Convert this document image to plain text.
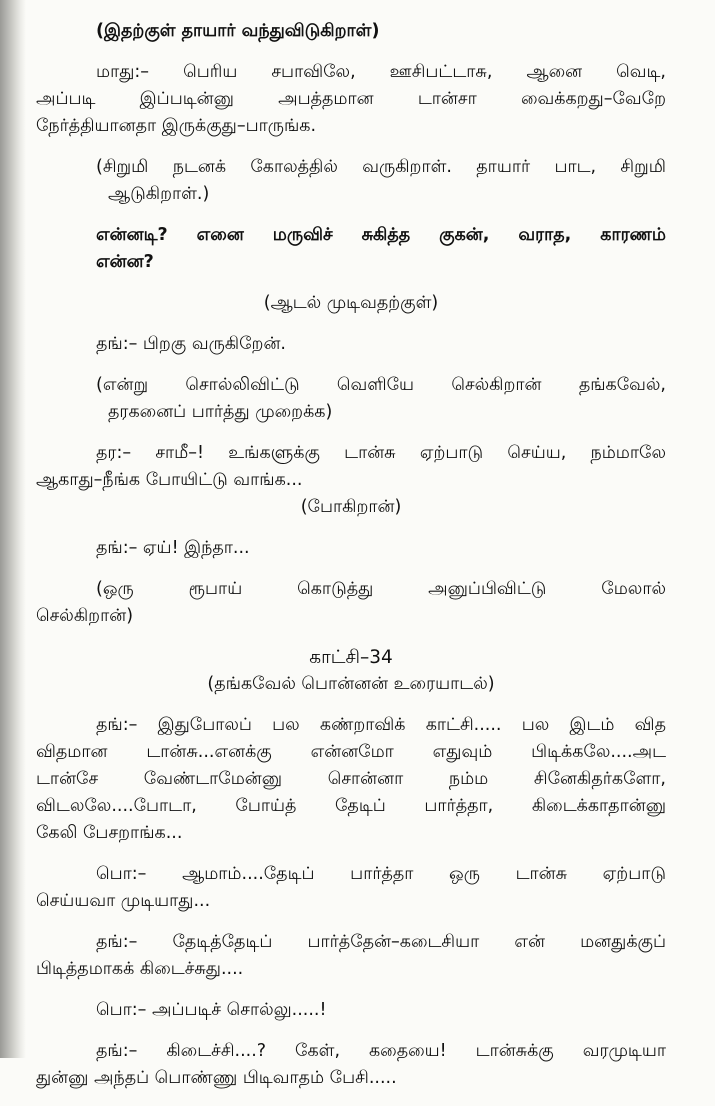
(இதற்குள் தாயார் வந்துவிடுகிறாள்)
மாது:– பெரிய சபாவிலே, ஊசிபட்டாசு, ஆனை வெடி,
அப்படி இப்படின்னு அபத்தமான டான்சா வைக்கறது–வேறே
நேர்த்தியானதா இருக்குது–பாருங்க.
(சிறுமி நடனக் கோலத்தில் வருகிறாள். தாயார் பாட, சிறுமி
ஆடுகிறாள்.)
என்னடி? எனை மருவிச் சுகித்த குகன், வராத, காரணம்
என்ன?
(ஆடல் முடிவதற்குள்)
தங்:– பிறகு வருகிறேன்.
(என்று சொல்லிவிட்டு வெளியே செல்கிறான் தங்கவேல்,
தரகனைப் பார்த்து முறைக்க)
தர:– சாமீ–! உங்களுக்கு டான்சு ஏற்பாடு செய்ய, நம்மாலே
ஆகாது–நீங்க போயிட்டு வாங்க...
(போகிறான்)
தங்:– ஏய்! இந்தா...
(ஒரு ரூபாய் கொடுத்து அனுப்பிவிட்டு மேலால்
செல்கிறான்)
காட்சி–34
(தங்கவேல் பொன்னன் உரையாடல்)
தங்:– இதுபோலப் பல கண்றாவிக் காட்சி..... பல இடம் வித
விதமான டான்சு...எனக்கு என்னமோ எதுவும் பிடிக்கலே....அட
டான்சே வேண்டாமேன்னு சொன்னா நம்ம சினேகிதர்களோ,
விடலலே....போடா, போய்த் தேடிப் பார்த்தா, கிடைக்காதான்னு
கேலி பேசறாங்க...
பொ:– ஆமாம்....தேடிப் பார்த்தா ஒரு டான்சு ஏற்பாடு
செய்யவா முடியாது...
தங்:– தேடித்தேடிப் பார்த்தேன்–கடைசியா என் மனதுக்குப்
பிடித்தமாகக் கிடைச்சுது....
பொ:– அப்படிச் சொல்லு.....!
தங்:– கிடைச்சி....? கேள், கதையை! டான்சுக்கு வரமுடியா
துன்னு அந்தப் பொண்ணு பிடிவாதம் பேசி.....
